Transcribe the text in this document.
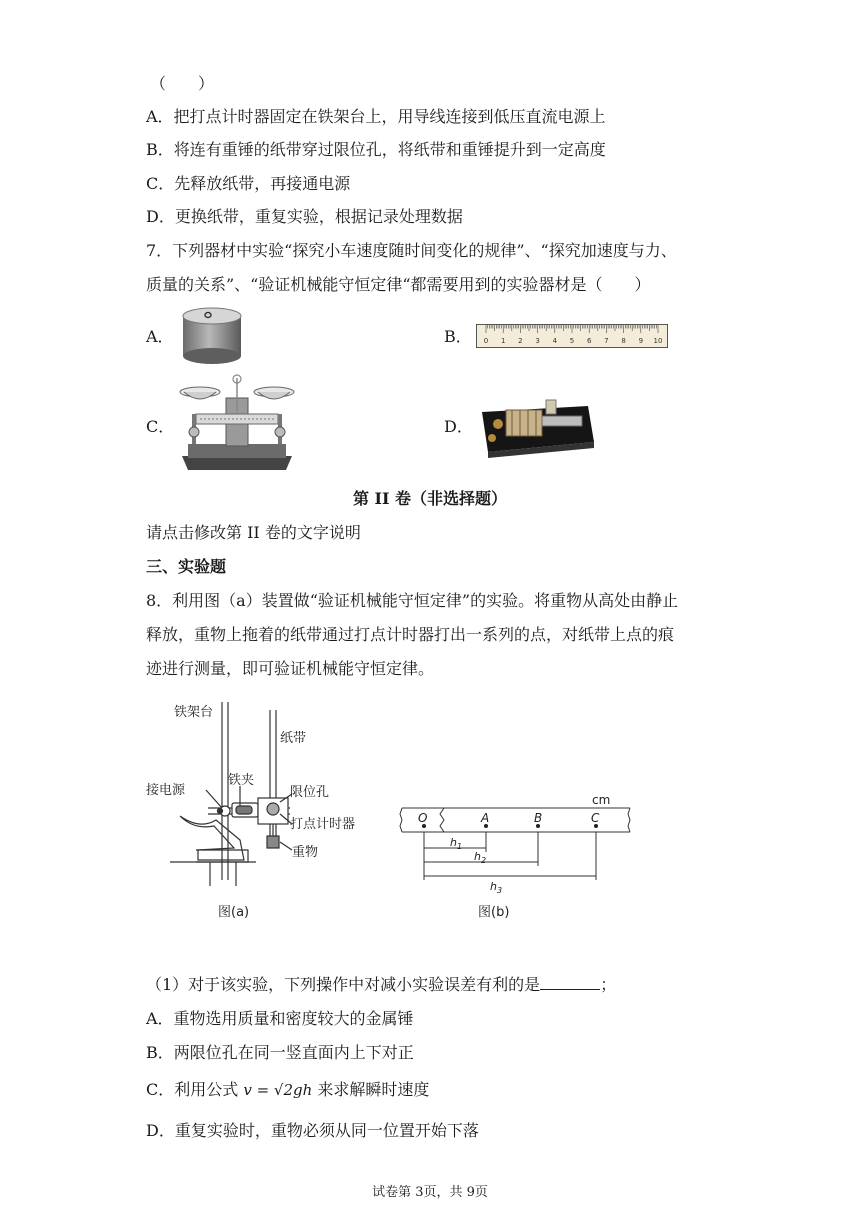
（　　）
A．把打点计时器固定在铁架台上，用导线连接到低压直流电源上
B．将连有重锤的纸带穿过限位孔，将纸带和重锤提升到一定高度
C．先释放纸带，再接通电源
D．更换纸带，重复实验，根据记录处理数据
7．下列器材中实验“探究小车速度随时间变化的规律”、“探究加速度与力、
质量的关系”、“验证机械能守恒定律“都需要用到的实验器材是（　　）
A．	B．
C．	D．
0 1 2 3 4 5 6 7 8 9 10
第 II 卷（非选择题）
请点击修改第 II 卷的文字说明
三、实验题
8．利用图（a）装置做“验证机械能守恒定律”的实验。将重物从高处由静止
释放，重物上拖着的纸带通过打点计时器打出一系列的点，对纸带上点的痕
迹进行测量，即可验证机械能守恒定律。
铁架台
纸带
接电源
铁夹
限位孔
打点计时器
重物
图(a)
cm
O	A	B	C
$h_1$
$h_2$
$h_3$
图(b)
（1）对于该实验，下列操作中对减小实验误差有利的是	；
A．重物选用质量和密度较大的金属锤
B．两限位孔在同一竖直面内上下对正
C．利用公式 v = √2gh 来求解瞬时速度
D．重复实验时，重物必须从同一位置开始下落
试卷第 3页，共 9页
